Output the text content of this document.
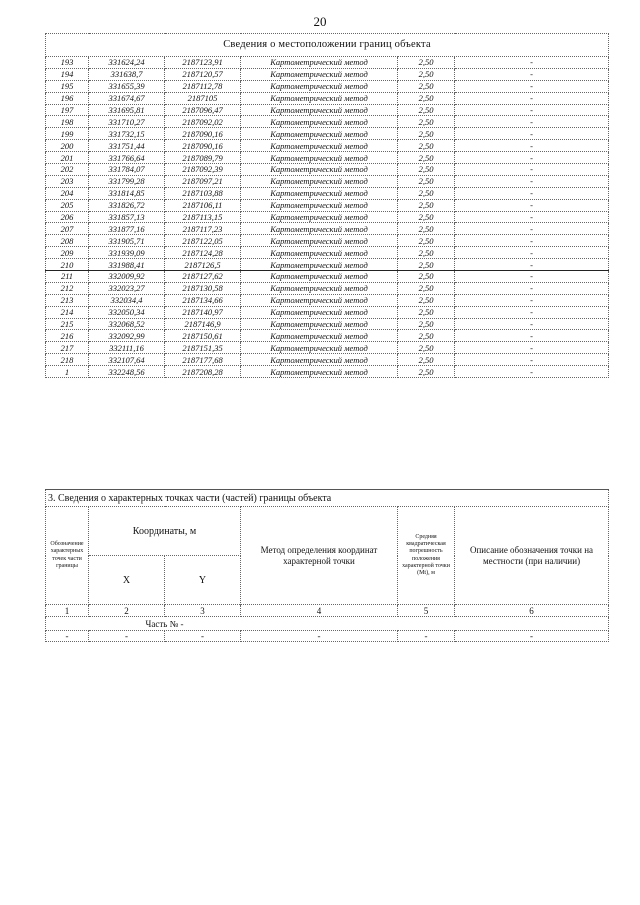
20
Сведения о местоположении границ объекта					
193	331624,24	2187123,91	Картометрический метод	2,50	-
194	331638,7	2187120,57	Картометрический метод	2,50	-
195	331655,39	2187112,78	Картометрический метод	2,50	-
196	331674,67	2187105	Картометрический метод	2,50	-
197	331695,81	2187096,47	Картометрический метод	2,50	-
198	331710,27	2187092,02	Картометрический метод	2,50	-
199	331732,15	2187090,16	Картометрический метод	2,50	-
200	331751,44	2187090,16	Картометрический метод	2,50	-
201	331766,64	2187089,79	Картометрический метод	2,50	-
202	331784,07	2187092,39	Картометрический метод	2,50	-
203	331799,28	2187097,21	Картометрический метод	2,50	-
204	331814,85	2187103,88	Картометрический метод	2,50	-
205	331826,72	2187106,11	Картометрический метод	2,50	-
206	331857,13	2187113,15	Картометрический метод	2,50	-
207	331877,16	2187117,23	Картометрический метод	2,50	-
208	331905,71	2187122,05	Картометрический метод	2,50	-
209	331939,09	2187124,28	Картометрический метод	2,50	-
210	331988,41	2187126,5	Картометрический метод	2,50	-
211	332009,92	2187127,62	Картометрический метод	2,50	-
212	332023,27	2187130,58	Картометрический метод	2,50	-
213	332034,4	2187134,66	Картометрический метод	2,50	-
214	332050,34	2187140,97	Картометрический метод	2,50	-
215	332068,52	2187146,9	Картометрический метод	2,50	-
216	332092,99	2187150,61	Картометрический метод	2,50	-
217	332111,16	2187151,35	Картометрический метод	2,50	-
218	332107,64	2187177,68	Картометрический метод	2,50	-
1	332248,56	2187208,28	Картометрический метод	2,50	-
3. Сведения о характерных точках части (частей) границы объекта					
Обозначение характерных точек части границы	Координаты, м		Метод определения координат характерной точки	Средняя квадратическая погрешность положения характерной точки (Mt), м	Описание обозначения точки на местности (при наличии)
	X	Y			
1	2	3	4	5	6
	Часть № -				
-	-	-	-	-	-
